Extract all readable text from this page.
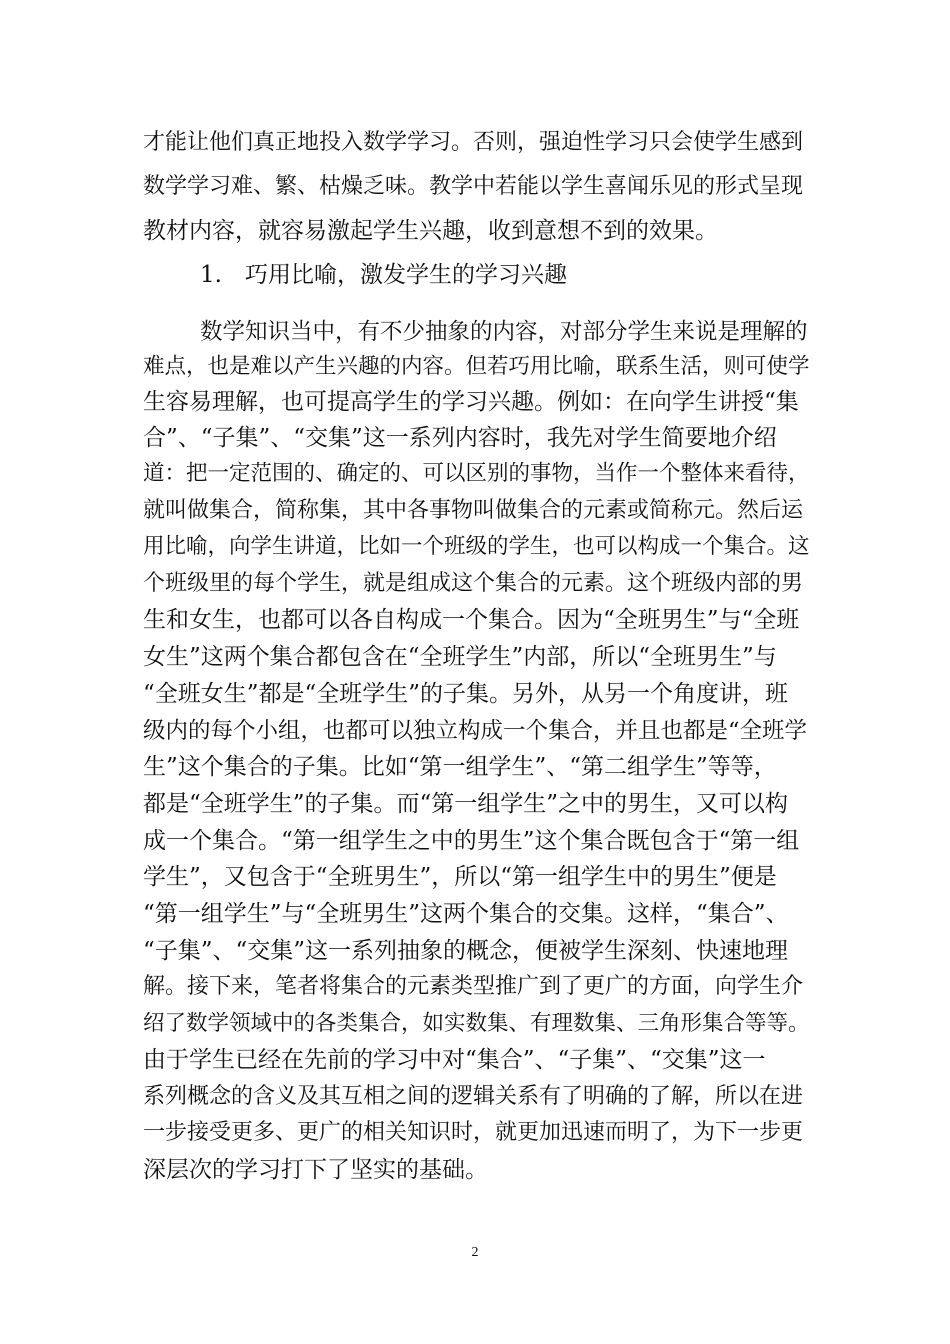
才能让他们真正地投入数学学习。否则，强迫性学习只会使学生感到
数学学习难、繁、枯燥乏味。教学中若能以学生喜闻乐见的形式呈现
教材内容，就容易激起学生兴趣，收到意想不到的效果。
1.　巧用比喻，激发学生的学习兴趣
数学知识当中，有不少抽象的内容，对部分学生来说是理解的
难点，也是难以产生兴趣的内容。但若巧用比喻，联系生活，则可使学
生容易理解，也可提高学生的学习兴趣。例如：在向学生讲授“集
合”、“子集”、“交集”这一系列内容时，我先对学生简要地介绍
道：把一定范围的、确定的、可以区别的事物，当作一个整体来看待，
就叫做集合，简称集，其中各事物叫做集合的元素或简称元。然后运
用比喻，向学生讲道，比如一个班级的学生，也可以构成一个集合。这
个班级里的每个学生，就是组成这个集合的元素。这个班级内部的男
生和女生，也都可以各自构成一个集合。因为“全班男生”与“全班
女生”这两个集合都包含在“全班学生”内部，所以“全班男生”与
“全班女生”都是“全班学生”的子集。另外，从另一个角度讲，班
级内的每个小组，也都可以独立构成一个集合，并且也都是“全班学
生”这个集合的子集。比如“第一组学生”、“第二组学生”等等，
都是“全班学生”的子集。而“第一组学生”之中的男生，又可以构
成一个集合。“第一组学生之中的男生”这个集合既包含于“第一组
学生”，又包含于“全班男生”，所以“第一组学生中的男生”便是
“第一组学生”与“全班男生”这两个集合的交集。这样，“集合”、
“子集”、“交集”这一系列抽象的概念，便被学生深刻、快速地理
解。接下来，笔者将集合的元素类型推广到了更广的方面，向学生介
绍了数学领域中的各类集合，如实数集、有理数集、三角形集合等等。
由于学生已经在先前的学习中对“集合”、“子集”、“交集”这一
系列概念的含义及其互相之间的逻辑关系有了明确的了解，所以在进
一步接受更多、更广的相关知识时，就更加迅速而明了，为下一步更
深层次的学习打下了坚实的基础。
2
